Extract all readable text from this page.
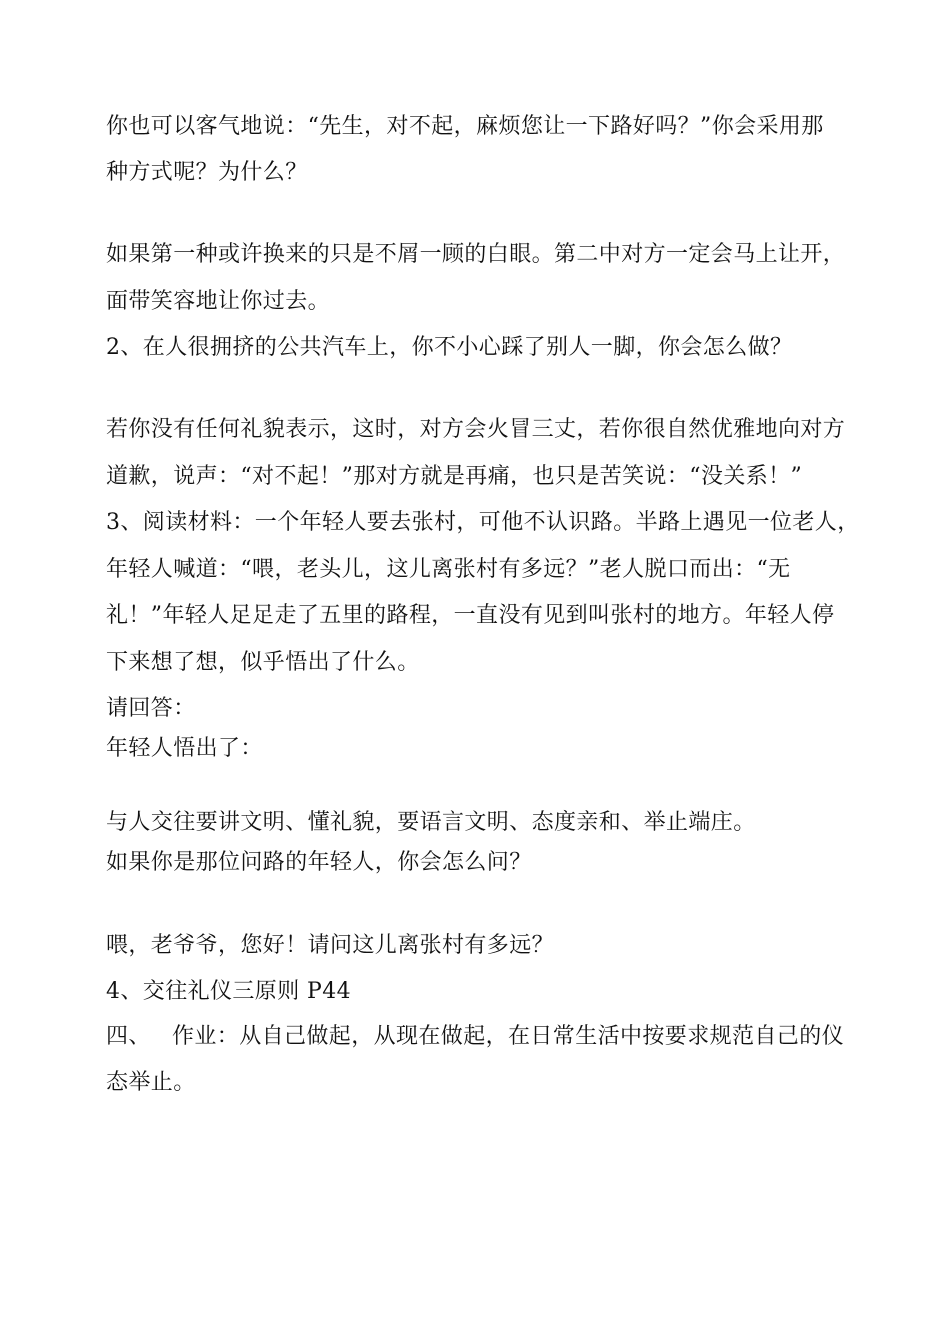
你也可以客气地说：“先生，对不起，麻烦您让一下路好吗？”你会采用那
种方式呢？为什么？
如果第一种或许换来的只是不屑一顾的白眼。第二中对方一定会马上让开，
面带笑容地让你过去。
2、在人很拥挤的公共汽车上，你不小心踩了别人一脚，你会怎么做？
若你没有任何礼貌表示，这时，对方会火冒三丈，若你很自然优雅地向对方
道歉，说声：“对不起！”那对方就是再痛，也只是苦笑说：“没关系！”
3、阅读材料：一个年轻人要去张村，可他不认识路。半路上遇见一位老人，
年轻人喊道：“喂，老头儿，这儿离张村有多远？”老人脱口而出：“无
礼！”年轻人足足走了五里的路程，一直没有见到叫张村的地方。年轻人停
下来想了想，似乎悟出了什么。
请回答：
年轻人悟出了：
与人交往要讲文明、懂礼貌，要语言文明、态度亲和、举止端庄。
如果你是那位问路的年轻人，你会怎么问？
喂，老爷爷，您好！请问这儿离张村有多远？
4、交往礼仪三原则 P44
四、 作业：从自己做起，从现在做起，在日常生活中按要求规范自己的仪
态举止。
